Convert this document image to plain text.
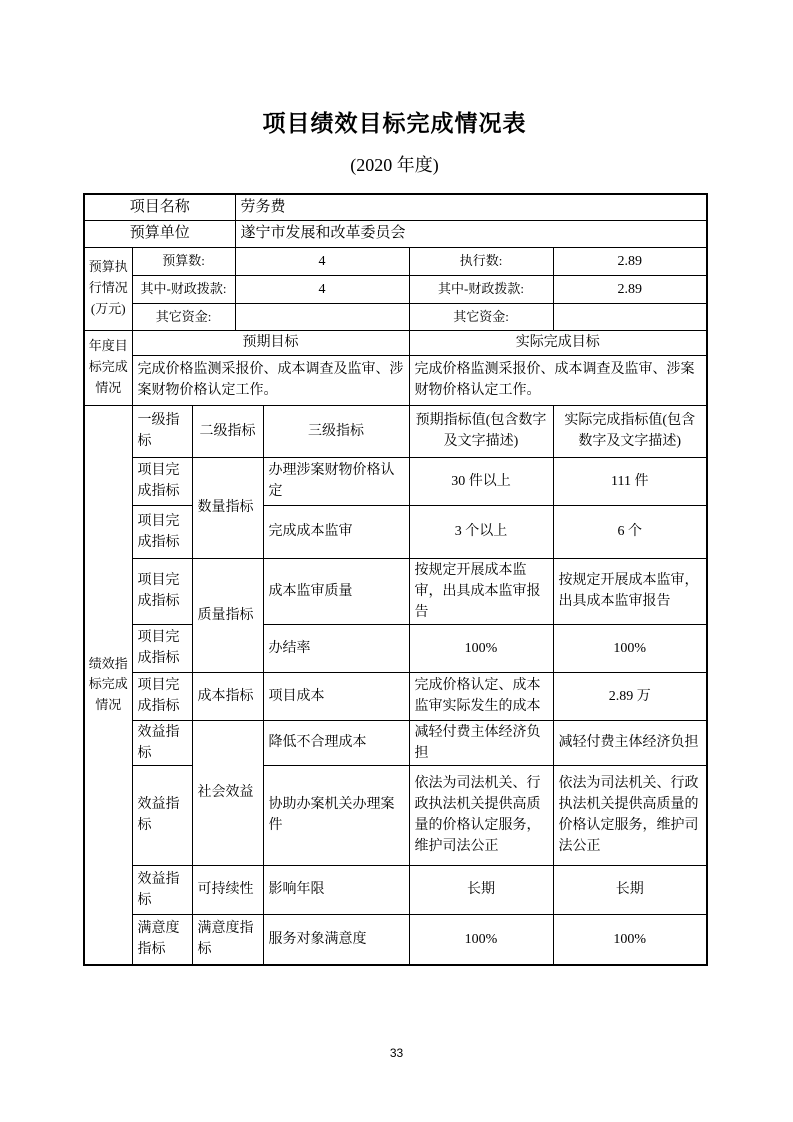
项目绩效目标完成情况表
(2020 年度)
项目名称			劳务费			
预算单位			遂宁市发展和改革委员会			
预算执行情况(万元)	预算数:		4		执行数:	2.89
	其中-财政拨款:		4		其中-财政拨款:	2.89
	其它资金:				其它资金:	
年度目标完成情况	预期目标				实际完成目标	
	完成价格监测采报价、成本调查及监审、涉案财物价格认定工作。				完成价格监测采报价、成本调查及监审、涉案财物价格认定工作。	
绩效指标完成情况	一级指标	二级指标		三级指标	预期指标值(包含数字及文字描述)	实际完成指标值(包含数字及文字描述)
	项目完成指标	数量指标		办理涉案财物价格认定	30 件以上	111 件
	项目完成指标			完成成本监审	3 个以上	6 个
	项目完成指标	质量指标		成本监审质量	按规定开展成本监审，出具成本监审报告	按规定开展成本监审，出具成本监审报告
	项目完成指标			办结率	100%	100%
	项目完成指标	成本指标		项目成本	完成价格认定、成本监审实际发生的成本	2.89 万
	效益指标	社会效益		降低不合理成本	减轻付费主体经济负担	减轻付费主体经济负担
	效益指标			协助办案机关办理案件	依法为司法机关、行政执法机关提供高质量的价格认定服务，维护司法公正	依法为司法机关、行政执法机关提供高质量的价格认定服务，维护司法公正
	效益指标	可持续性		影响年限	长期	长期
	满意度指标	满意度指标		服务对象满意度	100%	100%
33
